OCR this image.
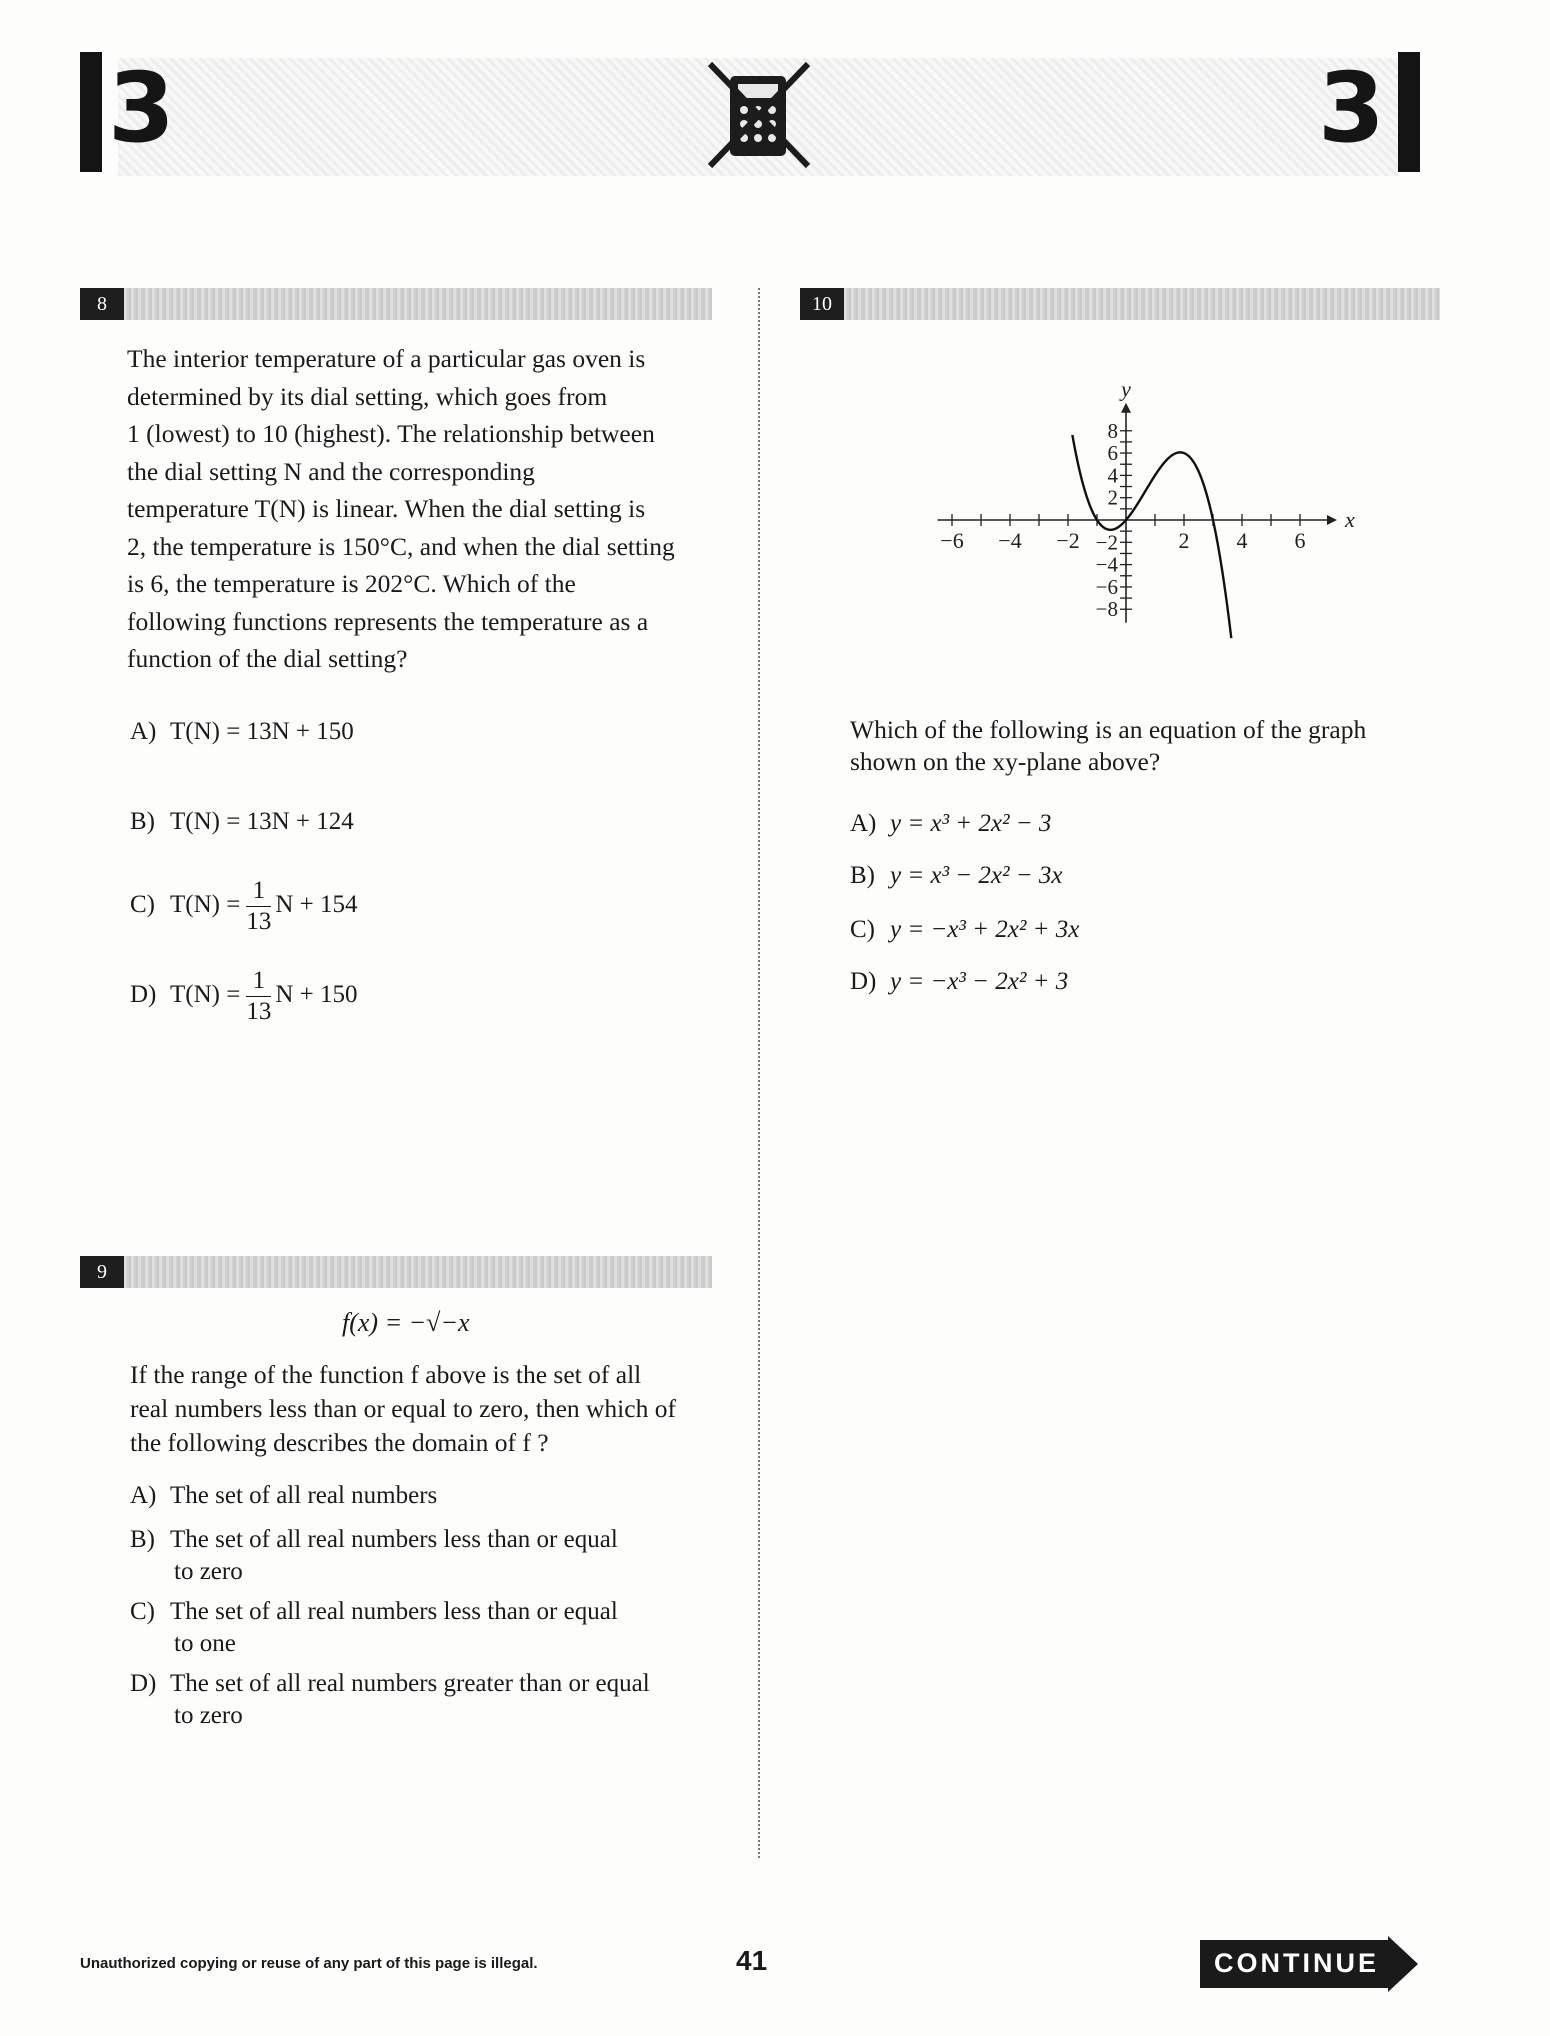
3	3
8
The interior temperature of a particular gas oven is
determined by its dial setting, which goes from
1 (lowest) to 10 (highest). The relationship between
the dial setting N and the corresponding
temperature T(N) is linear. When the dial setting is
2, the temperature is 150°C, and when the dial setting
is 6, the temperature is 202°C. Which of the
following functions represents the temperature as a
function of the dial setting?
A) T(N) = 13N + 150
B) T(N) = 13N + 124
C) $T(N) = \frac{1}{13}$ N + 154
D) $T(N) = \frac{1}{13}$ N + 150
9
f(x) = −√−x
If the range of the function f above is the set of all
real numbers less than or equal to zero, then which of
the following describes the domain of f ?
A) The set of all real numbers
B) The set of all real numbers less than or equal
to zero
C) The set of all real numbers less than or equal
to one
D) The set of all real numbers greater than or equal
to zero
10
−6 −4 −2	2 4 6
8
6
4
2
−2
−4
−6
−8
x
y
Which of the following is an equation of the graph
shown on the xy-plane above?
A) y = x³ + 2x² − 3
B) y = x³ − 2x² − 3x
C) y = −x³ + 2x² + 3x
D) y = −x³ − 2x² + 3
Unauthorized copying or reuse of any part of this page is illegal.	41	CONTINUE
